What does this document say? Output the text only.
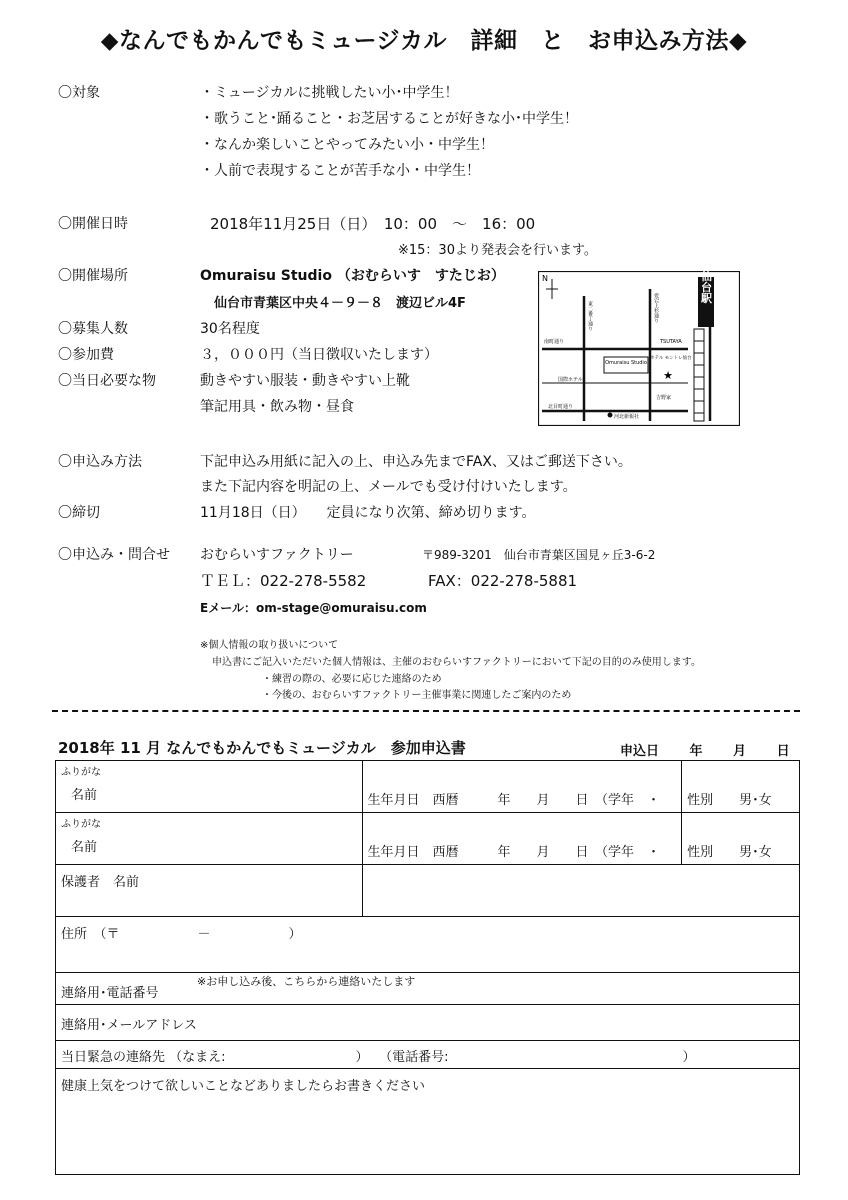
◆なんでもかんでもミュージカル　詳細　と　お申込み方法◆
〇対象	・ミュージカルに挑戦したい小･中学生！
・歌うこと･踊ること・お芝居することが好きな小･中学生！
・なんか楽しいことやってみたい小・中学生！
・人前で表現することが苦手な小・中学生！
〇開催日時	2018年11月25日（日）　10：00　～　16：00
※15：30より発表会を行います。
〇開催場所	Omuraisu Studio （おむらいす　すたじお）
仙台市青葉区中央４－９－８　渡辺ビル4F
〇募集人数	30名程度
〇参加費	３，０００円（当日徴収いたします）
〇当日必要な物	動きやすい服装・動きやすい上靴
筆記用具・飲み物・昼食
N	仙台駅
Omuraisu Studio
★
東二番丁通り	愛宕上杉通り
TSUTAYA
南町通り
ホテル モントレ仙台
国際ホテル
吉野家
北目町通り
河北新報社
〇申込み方法	下記申込み用紙に記入の上、申込み先までFAX、又はご郵送下さい。
また下記内容を明記の上、メールでも受け付けいたします。
〇締切	11月18日（日）　　定員になり次第、締め切ります。
〇申込み・問合せ おむらいすファクトリー	〒989-3201　仙台市青葉区国見ヶ丘3-6-2
ＴＥＬ：022-278-5582	FAX：022-278-5881
Eメール：om-stage@omuraisu.com
※個人情報の取り扱いについて
申込書にご記入いただいた個人情報は、主催のおむらいすファクトリーにおいて下記の目的のみ使用します。
・練習の際の、必要に応じた連絡のため
・今後の、おむらいすファクトリー主催事業に関連したご案内のため
2018年 11 月 なんでもかんでもミュージカル　参加申込書	申込日 年 月 日
ふりがな
名前	生年月日　西暦　　　年　　月　　日　（学年　・	性別　　男･女

ふりがな
名前	生年月日　西暦　　　年　　月　　日　（学年　・	性別　　男･女
保護者　名前		
住所　（〒　　　　　　－　　　　　　）		

連絡用･電話番号
※お申し込み後、こちらから連絡いたします		

連絡用･メールアドレス		
当日緊急の連絡先 （なまえ:　　　　　　　　　　）　 （電話番号:　　　　　　　　　　　　　　　　　　）		
健康上気をつけて欲しいことなどありましたらお書きください		
